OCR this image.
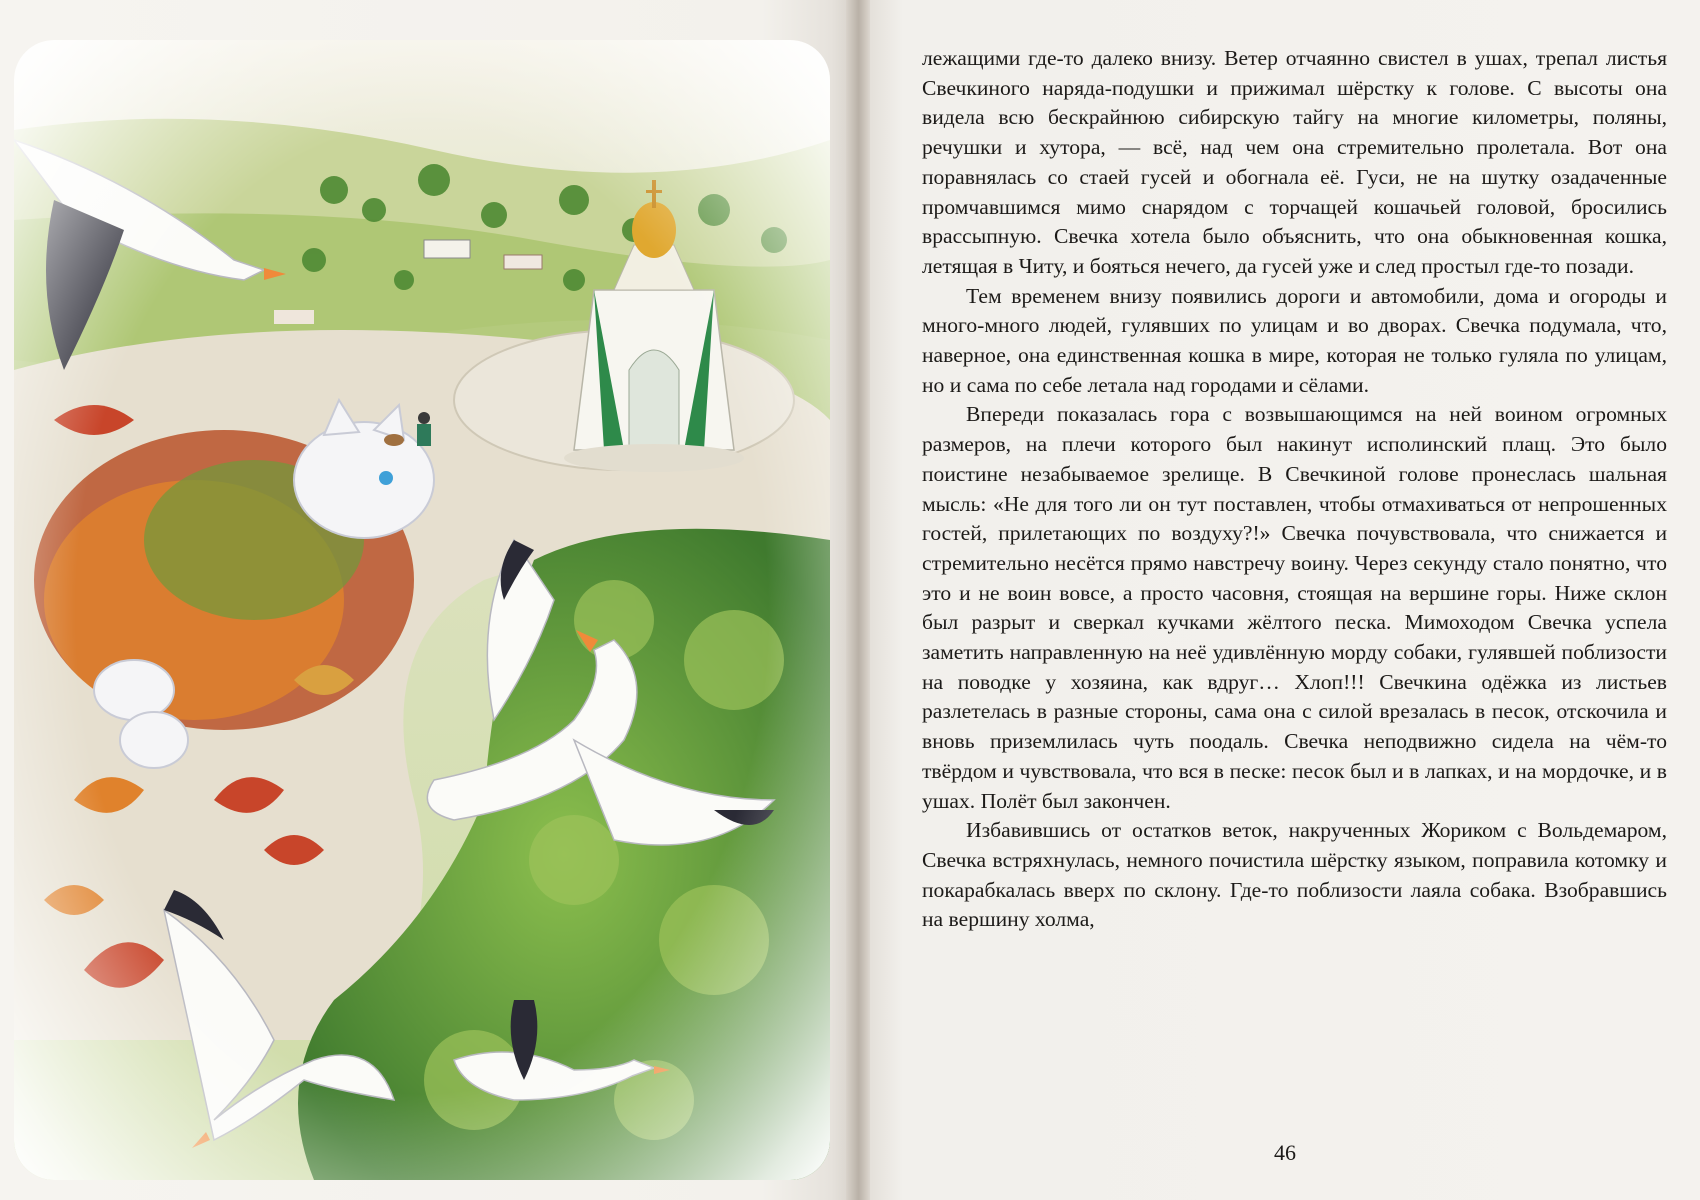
лежащими где-то далеко внизу. Ветер отчаянно свистел в ушах, трепал листья Свечкиного наряда-подушки и прижимал шёрстку к голове. С высоты она видела всю бескрайнюю сибирскую тайгу на многие километры, поляны, речушки и хутора, — всё, над чем она стремительно пролетала. Вот она поравнялась со стаей гусей и обогнала её. Гуси, не на шутку озадаченные промчавшимся мимо снарядом с торчащей кошачьей головой, бросились врассыпную. Свечка хотела было объяснить, что она обыкновенная кошка, летящая в Читу, и бояться нечего, да гусей уже и след простыл где-то позади.

Тем временем внизу появились дороги и автомобили, дома и огороды и много-много людей, гулявших по улицам и во дворах. Свечка подумала, что, наверное, она единственная кошка в мире, которая не только гуляла по улицам, но и сама по себе летала над городами и сёлами.

Впереди показалась гора с возвышающимся на ней воином огромных размеров, на плечи которого был накинут исполинский плащ. Это было поистине незабываемое зрелище. В Свечкиной голове пронеслась шальная мысль: «Не для того ли он тут поставлен, чтобы отмахиваться от непрошенных гостей, прилетающих по воздуху?!» Свечка почувствовала, что снижается и стремительно несётся прямо навстречу воину. Через секунду стало понятно, что это и не воин вовсе, а просто часовня, стоящая на вершине горы. Ниже склон был разрыт и сверкал кучками жёлтого песка. Мимоходом Свечка успела заметить направленную на неё удивлённую морду собаки, гулявшей поблизости на поводке у хозяина, как вдруг… Хлоп!!! Свечкина одёжка из листьев разлетелась в разные стороны, сама она с силой врезалась в песок, отскочила и вновь приземлилась чуть поодаль. Свечка неподвижно сидела на чём-то твёрдом и чувствовала, что вся в песке: песок был и в лапках, и на мордочке, и в ушах. Полёт был закончен.

Избавившись от остатков веток, накрученных Жориком с Вольдемаром, Свечка встряхнулась, немного почистила шёрстку языком, поправила котомку и покарабкалась вверх по склону. Где-то поблизости лаяла собака. Взобравшись на вершину холма,

46
